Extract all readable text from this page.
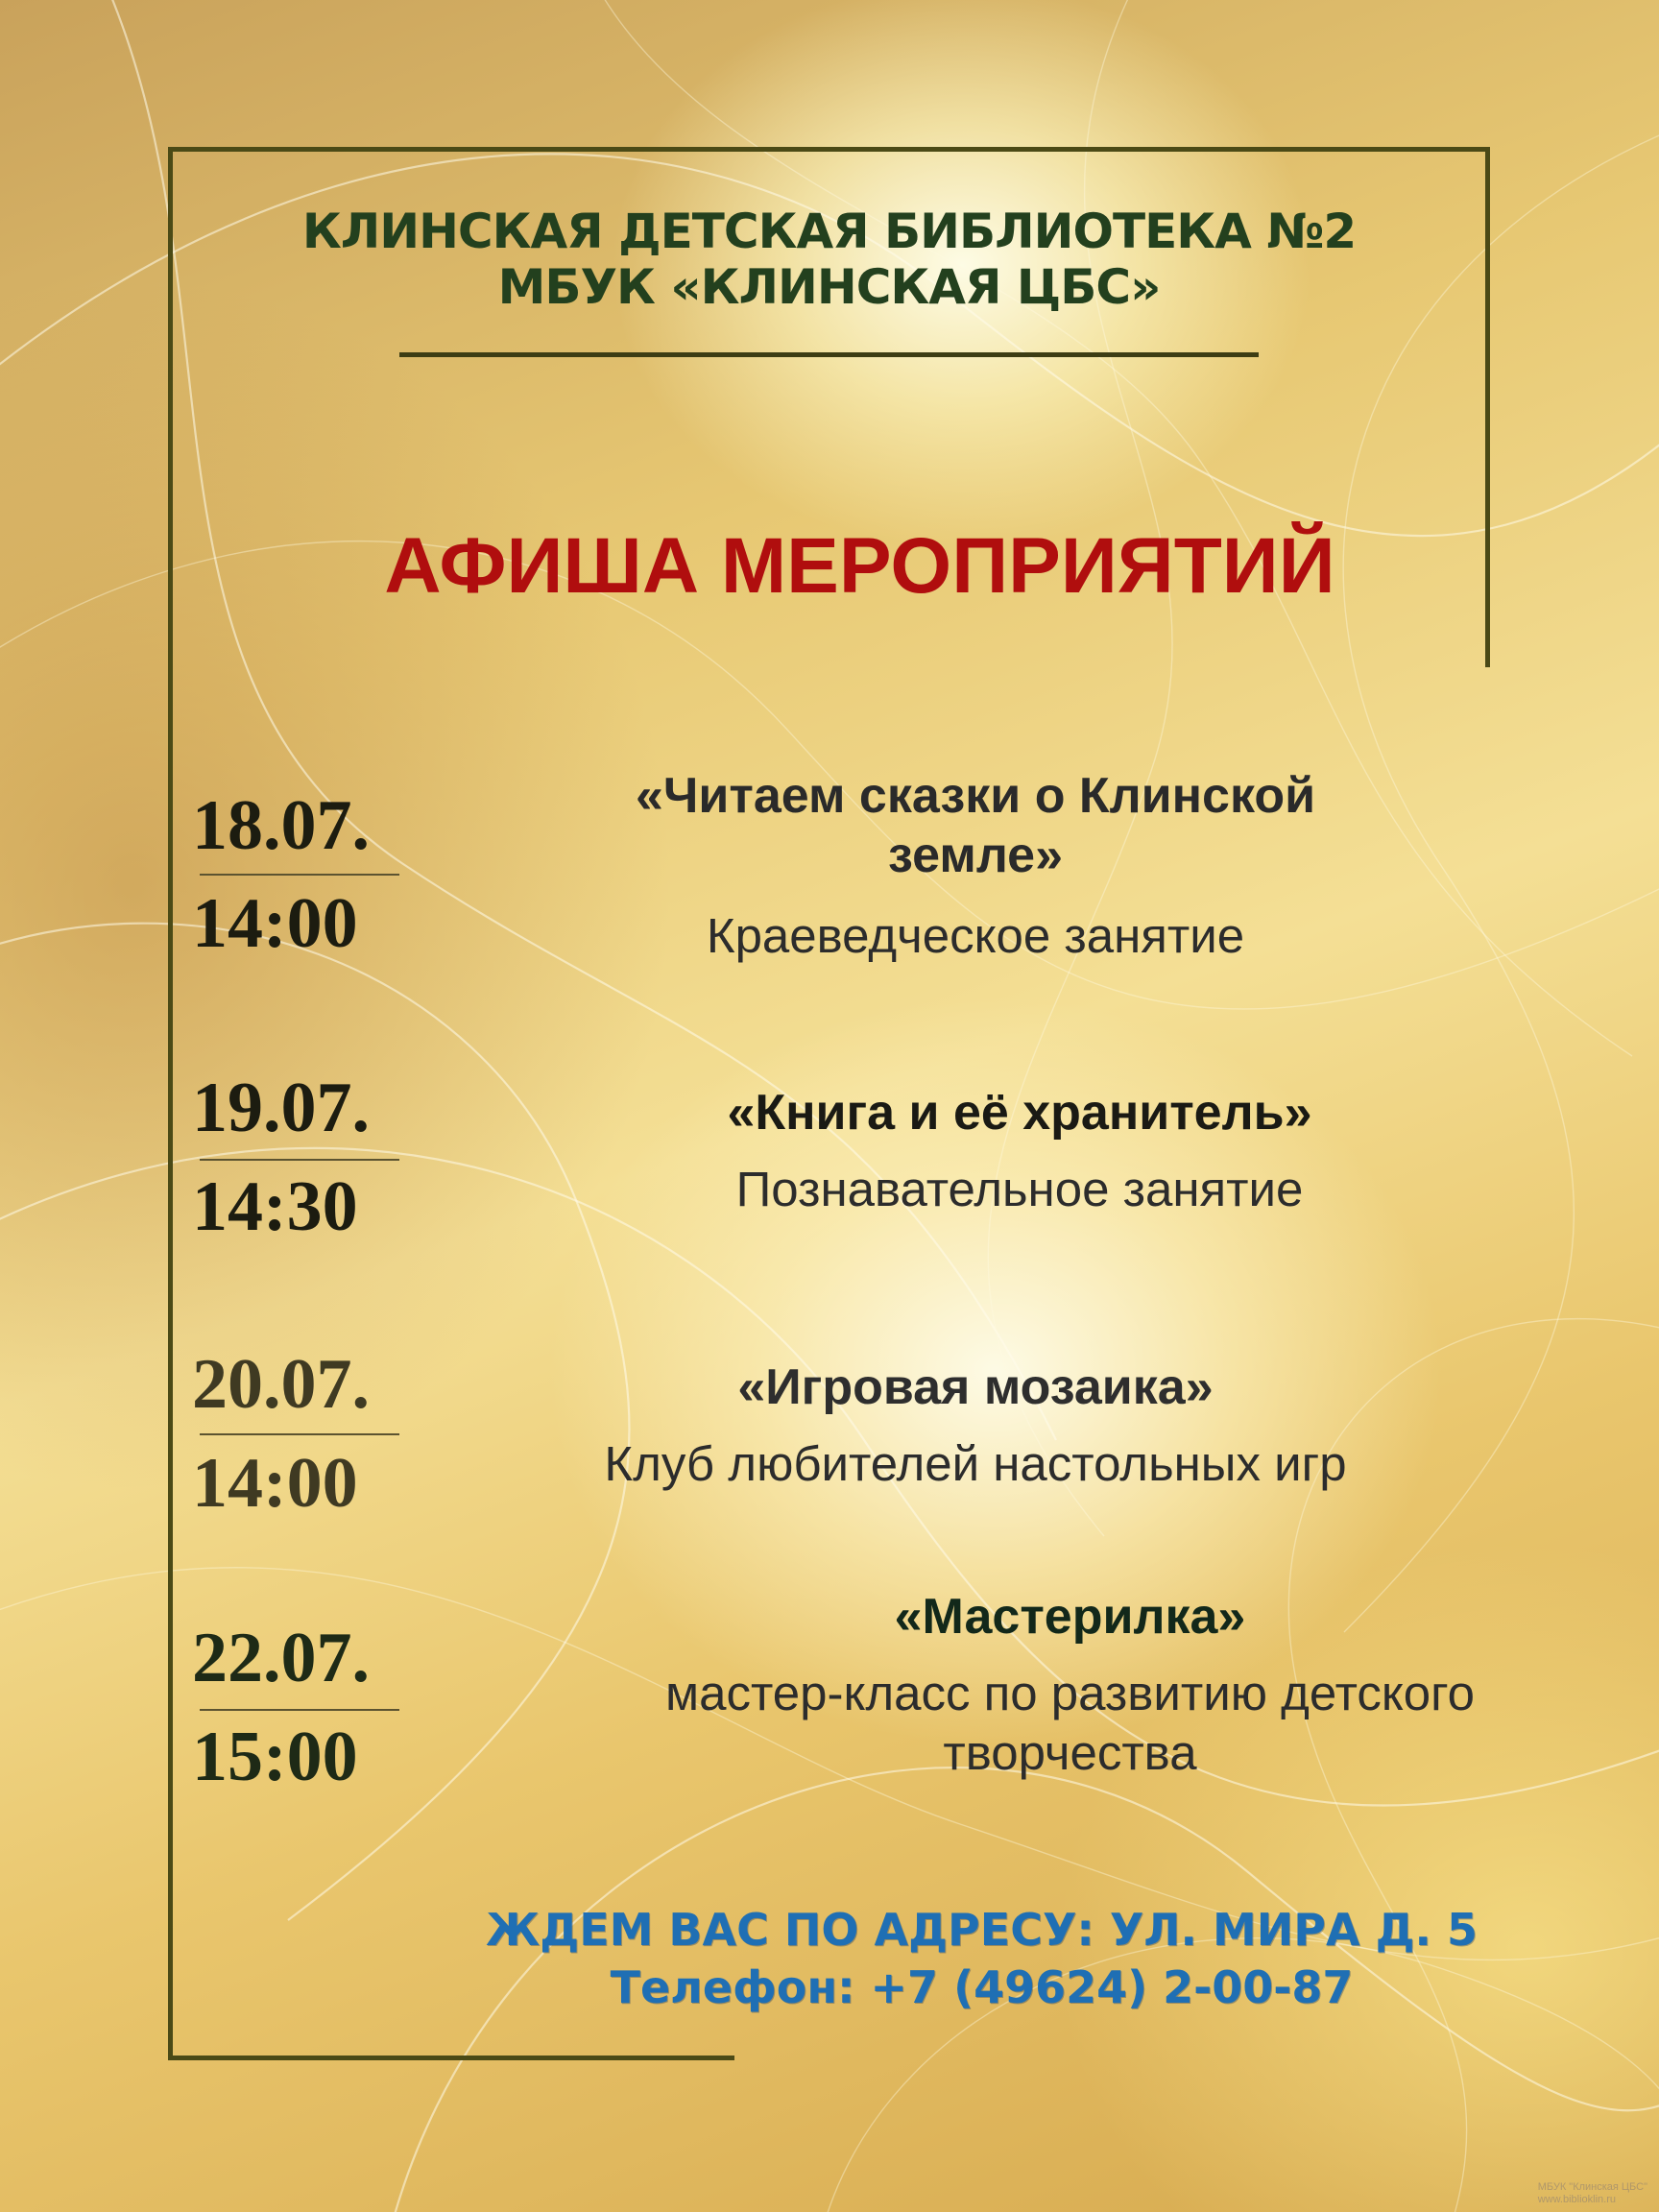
КЛИНСКАЯ ДЕТСКАЯ БИБЛИОТЕКА №2
МБУК «КЛИНСКАЯ ЦБС»
АФИША МЕРОПРИЯТИЙ
18.07.
14:00
«Читаем сказки о Клинской
земле»
Краеведческое занятие
19.07.
14:30
«Книга и её хранитель»
Познавательное занятие
20.07.
14:00
«Игровая мозаика»
Клуб любителей настольных игр
22.07.
15:00
«Мастерилка»
мастер-класс по развитию детского
творчества
ЖДЕМ ВАС ПО АДРЕСУ: УЛ. МИРА Д. 5
Телефон: +7 (49624) 2-00-87
МБУК "Клинская ЦБС"
www.biblioklin.ru
